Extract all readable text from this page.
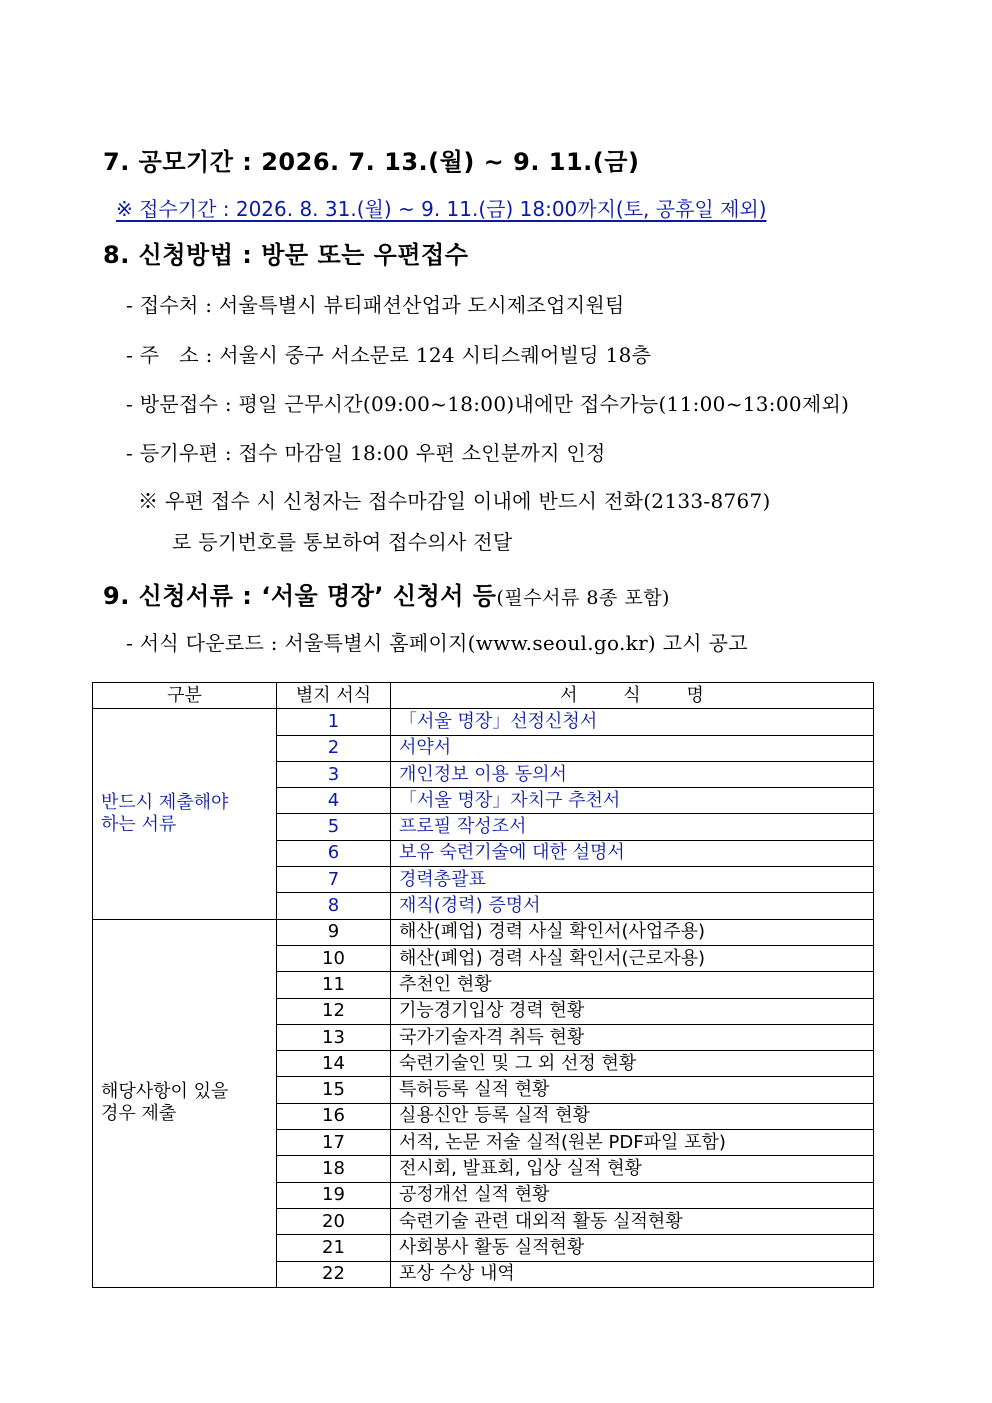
7. 공모기간 : 2026. 7. 13.(월) ~ 9. 11.(금)
※ 접수기간 : 2026. 8. 31.(월) ~ 9. 11.(금) 18:00까지(토, 공휴일 제외)
8. 신청방법 : 방문 또는 우편접수
- 접수처 : 서울특별시 뷰티패션산업과 도시제조업지원팀
- 주   소 : 서울시 중구 서소문로 124 시티스퀘어빌딩 18층
- 방문접수 : 평일 근무시간(09:00~18:00)내에만 접수가능(11:00~13:00제외)
- 등기우편 : 접수 마감일 18:00 우편 소인분까지 인정
※ 우편 접수 시 신청자는 접수마감일 이내에 반드시 전화(2133-8767)
로 등기번호를 통보하여 접수의사 전달
9. 신청서류 : ‘서울 명장’ 신청서 등(필수서류 8종 포함)
- 서식 다운로드 : 서울특별시 홈페이지(www.seoul.go.kr) 고시 공고
구분	별지 서식	서        식        명

반드시 제출해야
하는 서류	1	「서울 명장」선정신청서
	2	서약서
	3	개인정보 이용 동의서
	4	「서울 명장」자치구 추천서
	5	프로필 작성조서
	6	보유 숙련기술에 대한 설명서
	7	경력총괄표
	8	재직(경력) 증명서

해당사항이 있을
경우 제출	9	해산(폐업) 경력 사실 확인서(사업주용)
	10	해산(폐업) 경력 사실 확인서(근로자용)
	11	추천인 현황
	12	기능경기입상 경력 현황
	13	국가기술자격 취득 현황
	14	숙련기술인 및 그 외 선정 현황
	15	특허등록 실적 현황
	16	실용신안 등록 실적 현황
	17	서적, 논문 저술 실적(원본 PDF파일 포함)
	18	전시회, 발표회, 입상 실적 현황
	19	공정개선 실적 현황
	20	숙련기술 관련 대외적 활동 실적현황
	21	사회봉사 활동 실적현황
	22	포상 수상 내역
